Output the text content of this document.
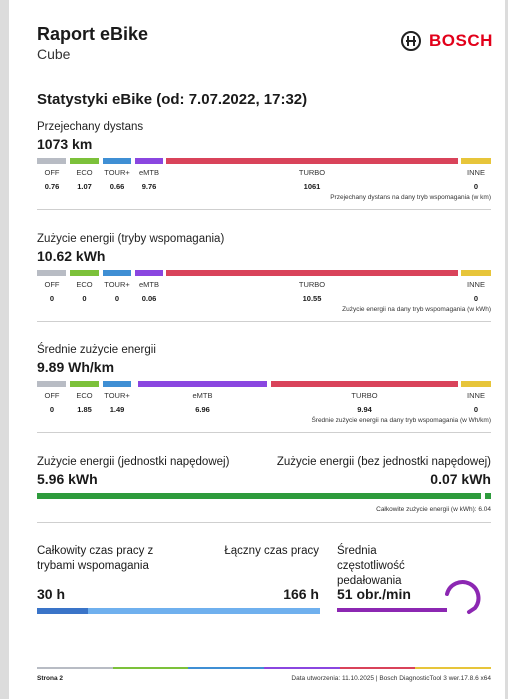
Raport eBike
Cube
BOSCH
Statystyki eBike (od: 7.07.2022, 17:32)
Przejechany dystans
1073 km
OFF
0.76
ECO
1.07
TOUR+
0.66
eMTB
9.76
TURBO
1061
INNE
0
Przejechany dystans na dany tryb wspomagania (w km)
Zużycie energii (tryby wspomagania)
10.62 kWh
OFF
0
ECO
0
TOUR+
0
eMTB
0.06
TURBO
10.55
INNE
0
Zużycie energii na dany tryb wspomagania (w kWh)
Średnie zużycie energii
9.89 Wh/km
OFF
0
ECO
1.85
TOUR+
1.49
eMTB
6.96
TURBO
9.94
INNE
0
Średnie zużycie energii na dany tryb wspomagania (w Wh/km)
Zużycie energii (jednostki napędowej)	Zużycie energii (bez jednostki napędowej)
5.96 kWh	0.07 kWh
Całkowite zużycie energii (w kWh): 6.04
Całkowity czas pracy z trybami wspomagania
Łączny czas pracy
30 h	166 h
Średnia częstotliwość pedałowania
51 obr./min
Strona 2	Data utworzenia: 11.10.2025 | Bosch DiagnosticTool 3 wer.17.8.6 x64
